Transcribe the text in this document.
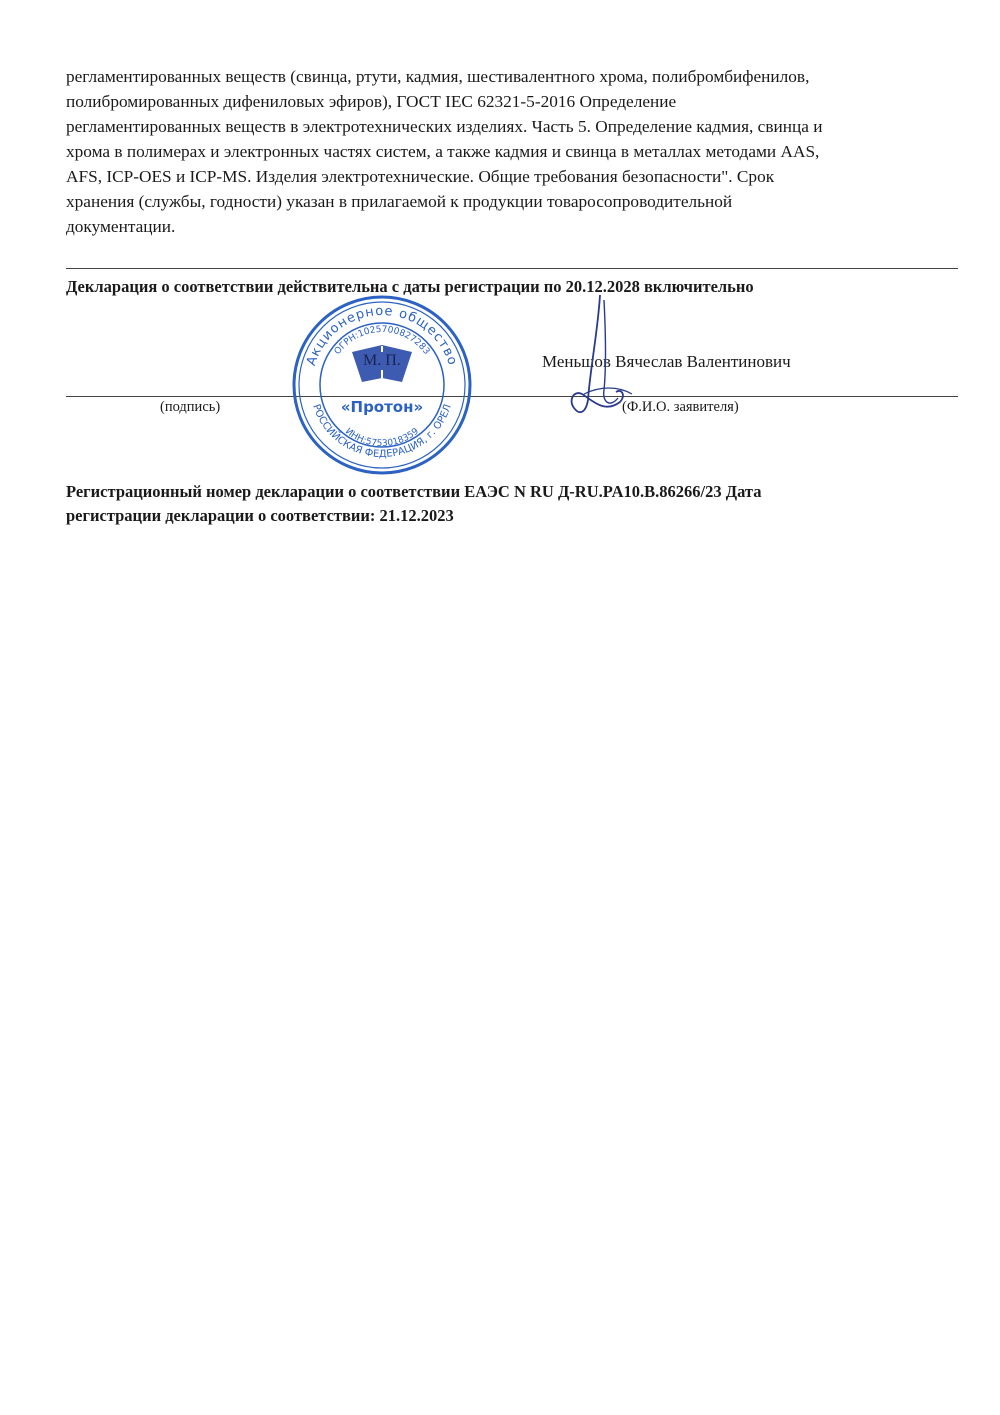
регламентированных веществ (свинца, ртути, кадмия, шестивалентного хрома, полибромбифенилов,
полибромированных дифениловых эфиров), ГОСТ IEC 62321-5-2016 Определение
регламентированных веществ в электротехнических изделиях. Часть 5. Определение кадмия, свинца и
хрома в полимерах и электронных частях систем, а также кадмия и свинца в металлах методами AAS,
AFS, ICP-OES и ICP-MS. Изделия электротехнические. Общие требования безопасности". Срок
хранения (службы, годности) указан в прилагаемой к продукции товаросопроводительной
документации.
Декларация о соответствии действительна с даты регистрации по 20.12.2028 включительно
(подпись)	(Ф.И.О. заявителя)
Меньшов Вячеслав Валентинович
Акционерное общество
ОГРН:1025700827283
РОССИЙСКАЯ ФЕДЕРАЦИЯ, г. ОРЕЛ
ИНН:5753018359
«Протон»
М. П.
Регистрационный номер декларации о соответствии ЕАЭС N RU Д-RU.PA10.B.86266/23 Дата
регистрации декларации о соответствии: 21.12.2023
